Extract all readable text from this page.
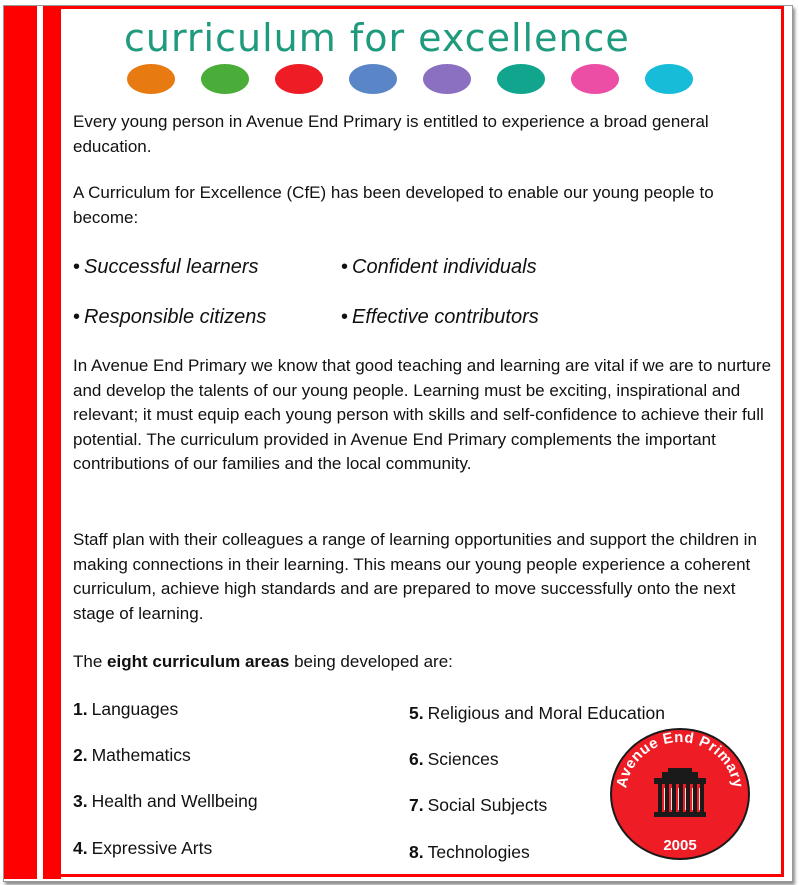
curriculum for excellence

Every young person in Avenue End Primary is entitled to experience a broad general education.

A Curriculum for Excellence (CfE) has been developed to enable our young people to become:

• Successful learners	• Confident individuals
• Responsible citizens	• Effective contributors

In Avenue End Primary we know that good teaching and learning are vital if we are to nurture and develop the talents of our young people. Learning must be exciting, inspirational and relevant; it must equip each young person with skills and self-confidence to achieve their full potential. The curriculum provided in Avenue End Primary complements the important contributions of our families and the local community.

Staff plan with their colleagues a range of learning opportunities and support the children in making connections in their learning. This means our young people experience a coherent curriculum, achieve high standards and are prepared to move successfully onto the next stage of learning.

The eight curriculum areas being developed are:

1. Languages
2. Mathematics
3. Health and Wellbeing
4. Expressive Arts
5. Religious and Moral Education
6. Sciences
7. Social Subjects
8. Technologies
Avenue End Primary
2005
